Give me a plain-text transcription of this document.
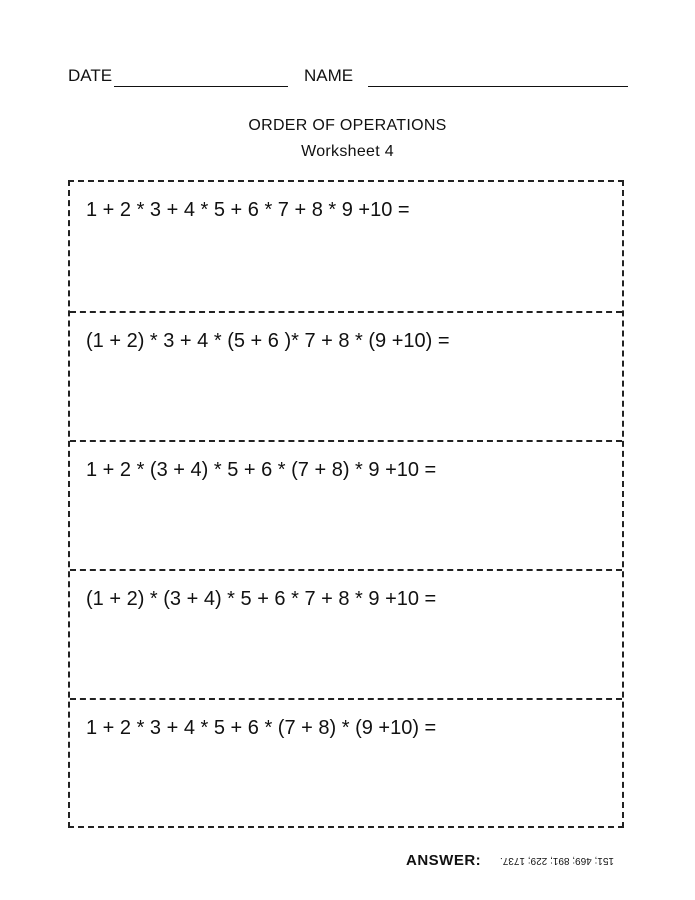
DATE	NAME
ORDER OF OPERATIONS
Worksheet 4
1 + 2 * 3 + 4 * 5 + 6 * 7 + 8 * 9 +10 =
(1 + 2) * 3 + 4 * (5 + 6 )* 7 + 8 * (9 +10) =
1 + 2 * (3 + 4) * 5 + 6 * (7 + 8) * 9 +10 =
(1 + 2) * (3 + 4) * 5 + 6 * 7 + 8 * 9 +10 =
1 + 2 * 3 + 4 * 5 + 6 * (7 + 8) * (9 +10) =
ANSWER: 151; 469; 891; 229; 1737.
